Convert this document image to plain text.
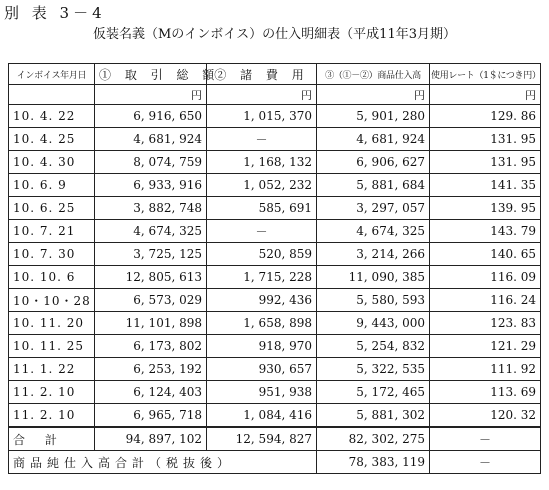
別 表 3－4
仮装名義（Mのインボイス）の仕入明細表（平成11年3月期）
インボイス年月日	① 取 引 総 額	② 諸 費 用	③（①－②）商品仕入高	使用レート（1＄につき円）
	円	円	円	円
10. 4. 22	6, 916, 650	1, 015, 370	5, 901, 280	129. 86
10. 4. 25	4, 681, 924	－	4, 681, 924	131. 95
10. 4. 30	8, 074, 759	1, 168, 132	6, 906, 627	131. 95
10. 6. 9	6, 933, 916	1, 052, 232	5, 881, 684	141. 35
10. 6. 25	3, 882, 748	585, 691	3, 297, 057	139. 95
10. 7. 21	4, 674, 325	－	4, 674, 325	143. 79
10. 7. 30	3, 725, 125	520, 859	3, 214, 266	140. 65
10. 10. 6	12, 805, 613	1, 715, 228	11, 090, 385	116. 09
10・10・28	6, 573, 029	992, 436	5, 580, 593	116. 24
10. 11. 20	11, 101, 898	1, 658, 898	9, 443, 000	123. 83
10. 11. 25	6, 173, 802	918, 970	5, 254, 832	121. 29
11. 1. 22	6, 253, 192	930, 657	5, 322, 535	111. 92
11. 2. 10	6, 124, 403	951, 938	5, 172, 465	113. 69
11. 2. 10	6, 965, 718	1, 084, 416	5, 881, 302	120. 32
合 計	94, 897, 102	12, 594, 827	82, 302, 275	－
商品純仕入高合計（税抜後）			78, 383, 119	－
